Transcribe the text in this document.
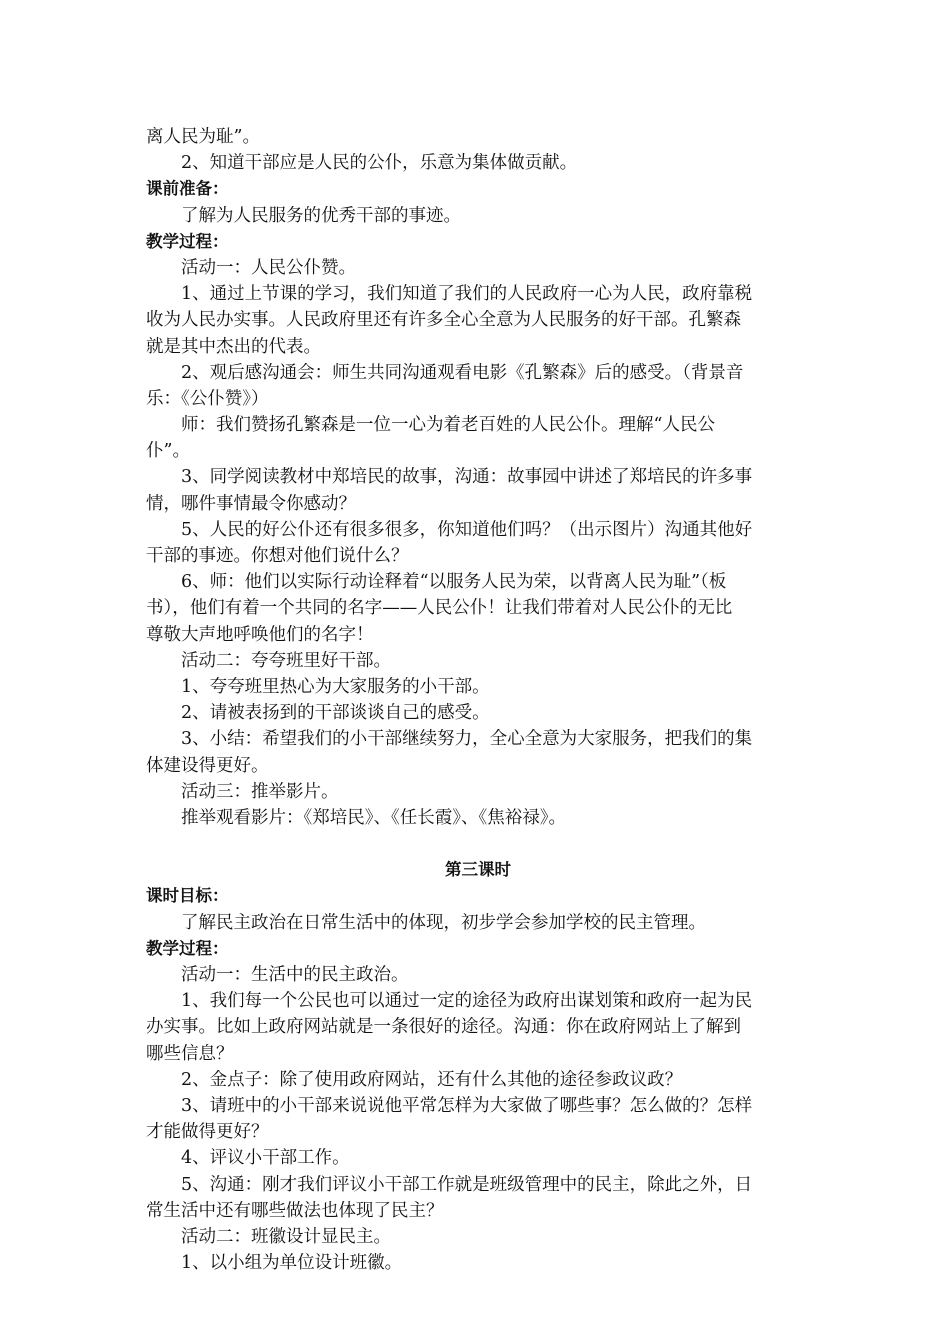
离人民为耻”。
2、知道干部应是人民的公仆，乐意为集体做贡献。
课前准备：
了解为人民服务的优秀干部的事迹。
教学过程：
活动一：人民公仆赞。
1、通过上节课的学习，我们知道了我们的人民政府一心为人民，政府靠税
收为人民办实事。人民政府里还有许多全心全意为人民服务的好干部。孔繁森
就是其中杰出的代表。
2、观后感沟通会：师生共同沟通观看电影《孔繁森》后的感受。（背景音
乐：《公仆赞》）
师：我们赞扬孔繁森是一位一心为着老百姓的人民公仆。理解“人民公
仆”。
3、同学阅读教材中郑培民的故事，沟通：故事园中讲述了郑培民的许多事
情，哪件事情最令你感动？
5、人民的好公仆还有很多很多，你知道他们吗？（出示图片）沟通其他好
干部的事迹。你想对他们说什么？
6、师：他们以实际行动诠释着“以服务人民为荣，以背离人民为耻”（板
书），他们有着一个共同的名字——人民公仆！让我们带着对人民公仆的无比
尊敬大声地呼唤他们的名字！
活动二：夸夸班里好干部。
1、夸夸班里热心为大家服务的小干部。
2、请被表扬到的干部谈谈自己的感受。
3、小结：希望我们的小干部继续努力，全心全意为大家服务，把我们的集
体建设得更好。
活动三：推举影片。
推举观看影片：《郑培民》、《任长霞》、《焦裕禄》。
第三课时
课时目标：
了解民主政治在日常生活中的体现，初步学会参加学校的民主管理。
教学过程：
活动一：生活中的民主政治。
1、我们每一个公民也可以通过一定的途径为政府出谋划策和政府一起为民
办实事。比如上政府网站就是一条很好的途径。沟通：你在政府网站上了解到
哪些信息？
2、金点子：除了使用政府网站，还有什么其他的途径参政议政？
3、请班中的小干部来说说他平常怎样为大家做了哪些事？怎么做的？怎样
才能做得更好？
4、评议小干部工作。
5、沟通：刚才我们评议小干部工作就是班级管理中的民主，除此之外，日
常生活中还有哪些做法也体现了民主？
活动二：班徽设计显民主。
1、以小组为单位设计班徽。
